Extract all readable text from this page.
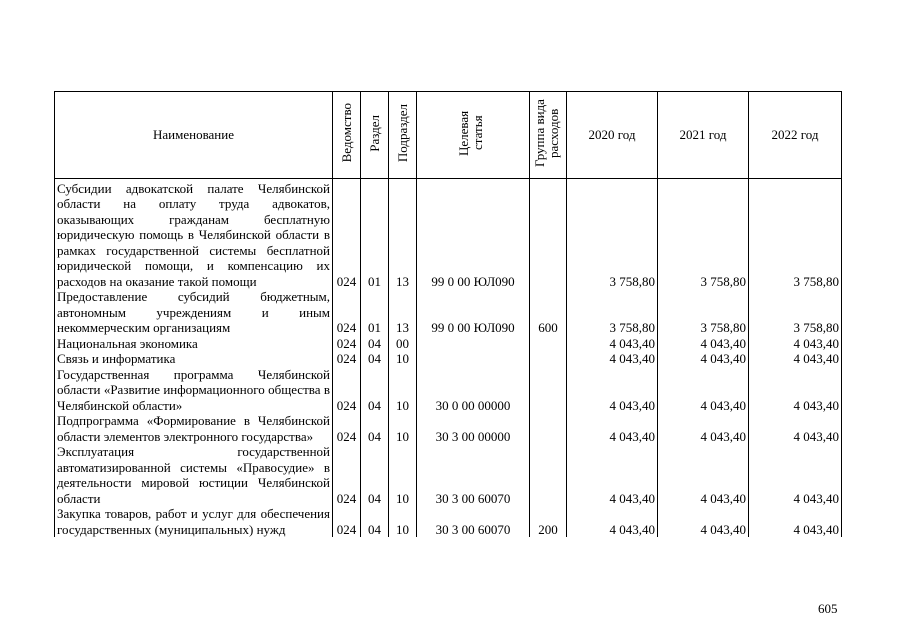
Наименование	Ведомство	Раздел	Подраздел	Целевая статья	Группа вида расходов	2020 год	2021 год	2022 год
Субсидии адвокатской палате Челябинской области на оплату труда адвокатов, оказывающих гражданам бесплатную юридическую помощь в Челябинской области в рамках государственной системы бесплатной юридической помощи, и компенсацию их расходов на оказание такой помощи	024	01	13	99 0 00 ЮЛ090		3 758,80	3 758,80	3 758,80
Предоставление субсидий бюджетным, автономным учреждениям и иным некоммерческим организациям	024	01	13	99 0 00 ЮЛ090	600	3 758,80	3 758,80	3 758,80
Национальная экономика	024	04	00			4 043,40	4 043,40	4 043,40
Связь и информатика	024	04	10			4 043,40	4 043,40	4 043,40
Государственная программа Челябинской области «Развитие информационного общества в Челябинской области»	024	04	10	30 0 00 00000		4 043,40	4 043,40	4 043,40
Подпрограмма «Формирование в Челябинской области элементов электронного государства»	024	04	10	30 3 00 00000		4 043,40	4 043,40	4 043,40
Эксплуатация государственной автоматизированной системы «Правосудие» в деятельности мировой юстиции Челябинской области	024	04	10	30 3 00 60070		4 043,40	4 043,40	4 043,40
Закупка товаров, работ и услуг для обеспечения государственных (муниципальных) нужд	024	04	10	30 3 00 60070	200	4 043,40	4 043,40	4 043,40
605
